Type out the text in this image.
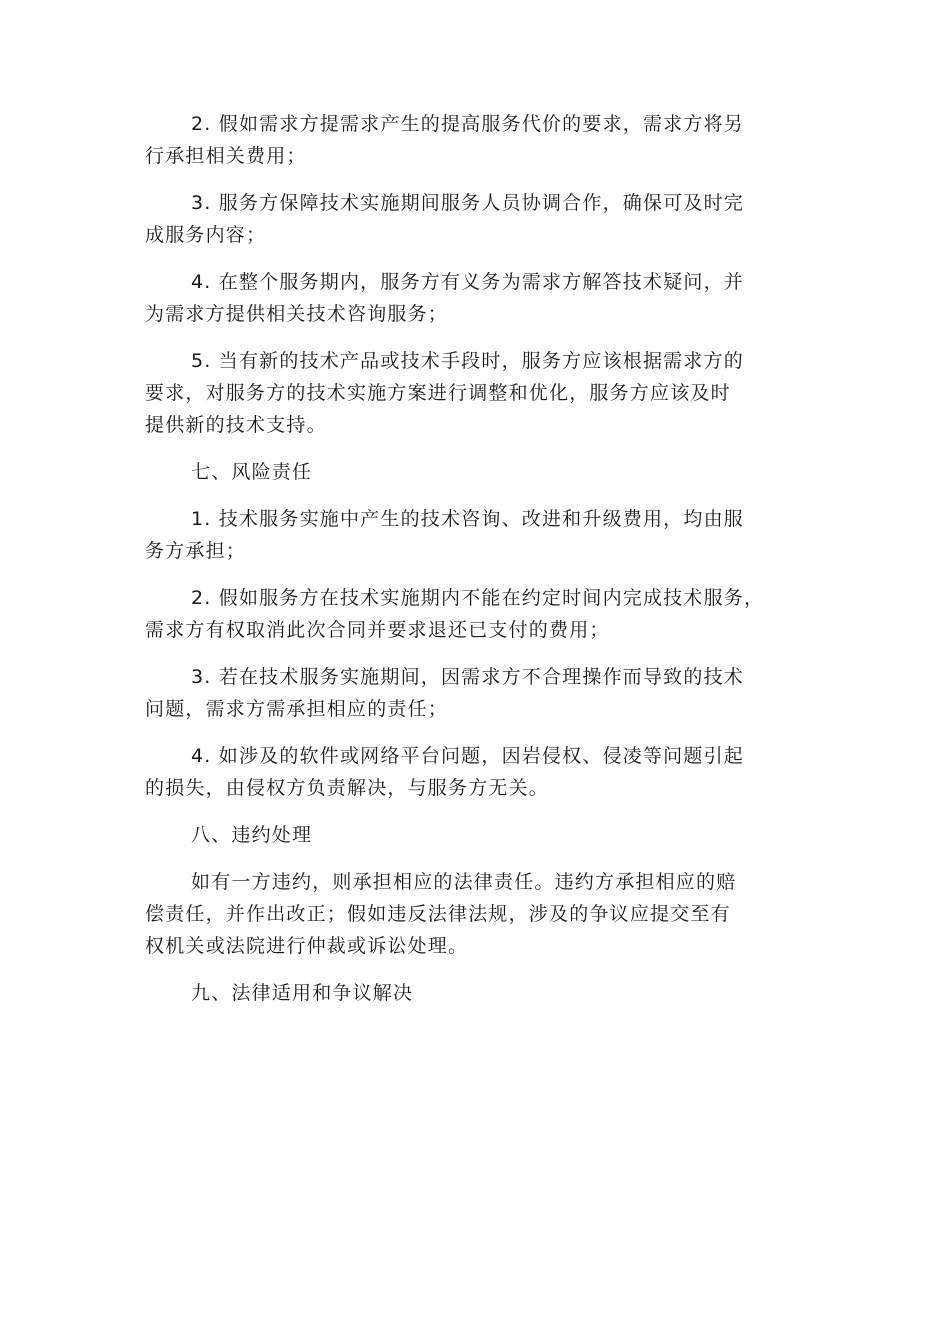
2. 假如需求方提需求产生的提高服务代价的要求，需求方将另
行承担相关费用；

3. 服务方保障技术实施期间服务人员协调合作，确保可及时完
成服务内容；

4. 在整个服务期内，服务方有义务为需求方解答技术疑问，并
为需求方提供相关技术咨询服务；

5. 当有新的技术产品或技术手段时，服务方应该根据需求方的
要求，对服务方的技术实施方案进行调整和优化，服务方应该及时
提供新的技术支持。

七、风险责任

1. 技术服务实施中产生的技术咨询、改进和升级费用，均由服
务方承担；

2. 假如服务方在技术实施期内不能在约定时间内完成技术服务，
需求方有权取消此次合同并要求退还已支付的费用；

3. 若在技术服务实施期间，因需求方不合理操作而导致的技术
问题，需求方需承担相应的责任；

4. 如涉及的软件或网络平台问题，因岩侵权、侵凌等问题引起
的损失，由侵权方负责解决，与服务方无关。

八、违约处理

如有一方违约，则承担相应的法律责任。违约方承担相应的赔
偿责任，并作出改正；假如违反法律法规，涉及的争议应提交至有
权机关或法院进行仲裁或诉讼处理。

九、法律适用和争议解决
